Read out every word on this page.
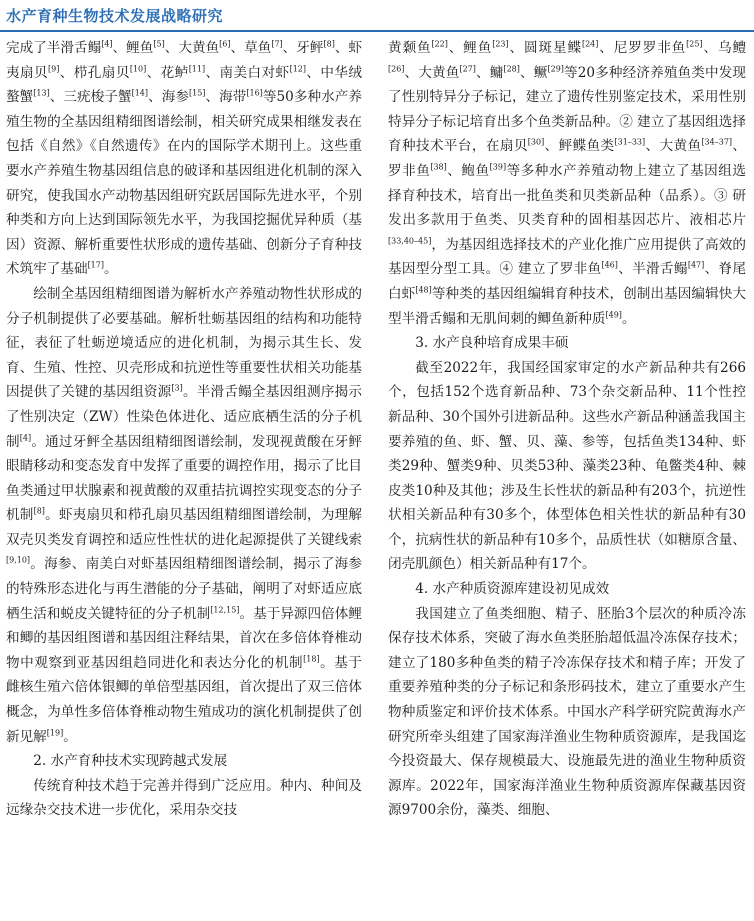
水产育种生物技术发展战略研究

完成了半滑舌鳎[4]、鲤鱼[5]、大黄鱼[6]、草鱼[7]、牙鲆[8]、虾夷扇贝[9]、栉孔扇贝[10]、花鲈[11]、南美白对虾[12]、中华绒螯蟹[13]、三疣梭子蟹[14]、海参[15]、海带[16]等50多种水产养殖生物的全基因组精细图谱绘制，相关研究成果相继发表在包括《自然》《自然遗传》在内的国际学术期刊上。这些重要水产养殖生物基因组信息的破译和基因组进化机制的深入研究，使我国水产动物基因组研究跃居国际先进水平，个别种类和方向上达到国际领先水平，为我国挖掘优异种质（基因）资源、解析重要性状形成的遗传基础、创新分子育种技术筑牢了基础[17]。

绘制全基因组精细图谱为解析水产养殖动物性状形成的分子机制提供了必要基础。解析牡蛎基因组的结构和功能特征，表征了牡蛎逆境适应的进化机制，为揭示其生长、发育、生殖、性控、贝壳形成和抗逆性等重要性状相关功能基因提供了关键的基因组资源[3]。半滑舌鳎全基因组测序揭示了性别决定（ZW）性染色体进化、适应底栖生活的分子机制[4]。通过牙鲆全基因组精细图谱绘制，发现视黄酸在牙鲆眼睛移动和变态发育中发挥了重要的调控作用，揭示了比目鱼类通过甲状腺素和视黄酸的双重拮抗调控实现变态的分子机制[8]。虾夷扇贝和栉孔扇贝基因组精细图谱绘制，为理解双壳贝类发育调控和适应性性状的进化起源提供了关键线索[9,10]。海参、南美白对虾基因组精细图谱绘制，揭示了海参的特殊形态进化与再生潜能的分子基础，阐明了对虾适应底栖生活和蜕皮关键特征的分子机制[12,15]。基于异源四倍体鲤和鲫的基因组图谱和基因组注释结果，首次在多倍体脊椎动物中观察到亚基因组趋同进化和表达分化的机制[18]。基于雌核生殖六倍体银鲫的单倍型基因组，首次提出了双三倍体概念，为单性多倍体脊椎动物生殖成功的演化机制提供了创新见解[19]。

2. 水产育种技术实现跨越式发展

传统育种技术趋于完善并得到广泛应用。种内、种间及远缘杂交技术进一步优化，采用杂交技

黄颡鱼[22]、鲤鱼[23]、圆斑星鲽[24]、尼罗罗非鱼[25]、乌鳢[26]、大黄鱼[27]、鳙[28]、鳜[29]等20多种经济养殖鱼类中发现了性别特异分子标记，建立了遗传性别鉴定技术，采用性别特异分子标记培育出多个鱼类新品种。② 建立了基因组选择育种技术平台，在扇贝[30]、鲆鲽鱼类[31–33]、大黄鱼[34–37]、罗非鱼[38]、鲍鱼[39]等多种水产养殖动物上建立了基因组选择育种技术，培育出一批鱼类和贝类新品种（品系）。③ 研发出多款用于鱼类、贝类育种的固相基因芯片、液相芯片[33,40–45]，为基因组选择技术的产业化推广应用提供了高效的基因型分型工具。④ 建立了罗非鱼[46]、半滑舌鳎[47]、脊尾白虾[48]等种类的基因组编辑育种技术，创制出基因编辑快大型半滑舌鳎和无肌间刺的鲫鱼新种质[49]。

3. 水产良种培育成果丰硕

截至2022年，我国经国家审定的水产新品种共有266个，包括152个选育新品种、73个杂交新品种、11个性控新品种、30个国外引进新品种。这些水产新品种涵盖我国主要养殖的鱼、虾、蟹、贝、藻、参等，包括鱼类134种、虾类29种、蟹类9种、贝类53种、藻类23种、龟鳖类4种、棘皮类10种及其他；涉及生长性状的新品种有203个，抗逆性状相关新品种有30多个，体型体色相关性状的新品种有30个，抗病性状的新品种有10多个，品质性状（如糖原含量、闭壳肌颜色）相关新品种有17个。

4. 水产种质资源库建设初见成效

我国建立了鱼类细胞、精子、胚胎3个层次的种质冷冻保存技术体系，突破了海水鱼类胚胎超低温冷冻保存技术；建立了180多种鱼类的精子冷冻保存技术和精子库；开发了重要养殖种类的分子标记和条形码技术，建立了重要水产生物种质鉴定和评价技术体系。中国水产科学研究院黄海水产研究所牵头组建了国家海洋渔业生物种质资源库，是我国迄今投资最大、保存规模最大、设施最先进的渔业生物种质资源库。2022年，国家海洋渔业生物种质资源库保藏基因资源9700余份，藻类、细胞、
